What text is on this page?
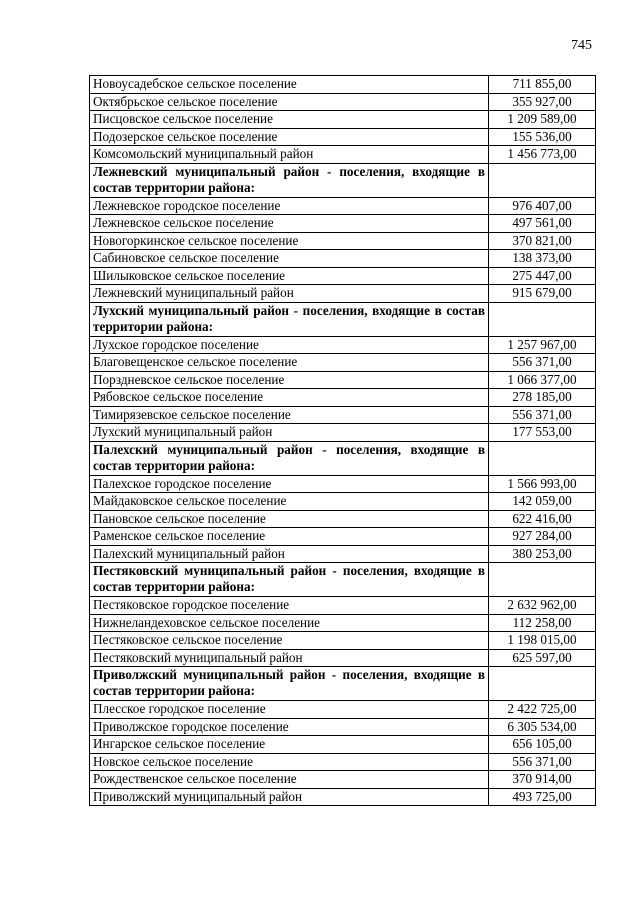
745
Новоусадебское сельское поселение	711 855,00
Октябрьское сельское поселение	355 927,00
Писцовское сельское поселение	1 209 589,00
Подозерское сельское поселение	155 536,00
Комсомольский муниципальный район	1 456 773,00
Лежневский муниципальный район - поселения, входящие в состав территории района:	
Лежневское городское поселение	976 407,00
Лежневское сельское поселение	497 561,00
Новогоркинское сельское поселение	370 821,00
Сабиновское сельское поселение	138 373,00
Шилыковское сельское поселение	275 447,00
Лежневский муниципальный район	915 679,00
Лухский муниципальный район - поселения, входящие в состав территории района:	
Лухское городское поселение	1 257 967,00
Благовещенское сельское поселение	556 371,00
Порздневское сельское поселение	1 066 377,00
Рябовское сельское поселение	278 185,00
Тимирязевское сельское поселение	556 371,00
Лухский муниципальный район	177 553,00
Палехский муниципальный район - поселения, входящие в состав территории района:	
Палехское городское поселение	1 566 993,00
Майдаковское сельское поселение	142 059,00
Пановское сельское поселение	622 416,00
Раменское сельское поселение	927 284,00
Палехский муниципальный район	380 253,00
Пестяковский муниципальный район - поселения, входящие в состав территории района:	
Пестяковское городское поселение	2 632 962,00
Нижнеландеховское сельское поселение	112 258,00
Пестяковское сельское поселение	1 198 015,00
Пестяковский муниципальный район	625 597,00
Приволжский муниципальный район - поселения, входящие в состав территории района:	
Плесское городское поселение	2 422 725,00
Приволжское городское поселение	6 305 534,00
Ингарское сельское поселение	656 105,00
Новское сельское поселение	556 371,00
Рождественское сельское поселение	370 914,00
Приволжский муниципальный район	493 725,00
